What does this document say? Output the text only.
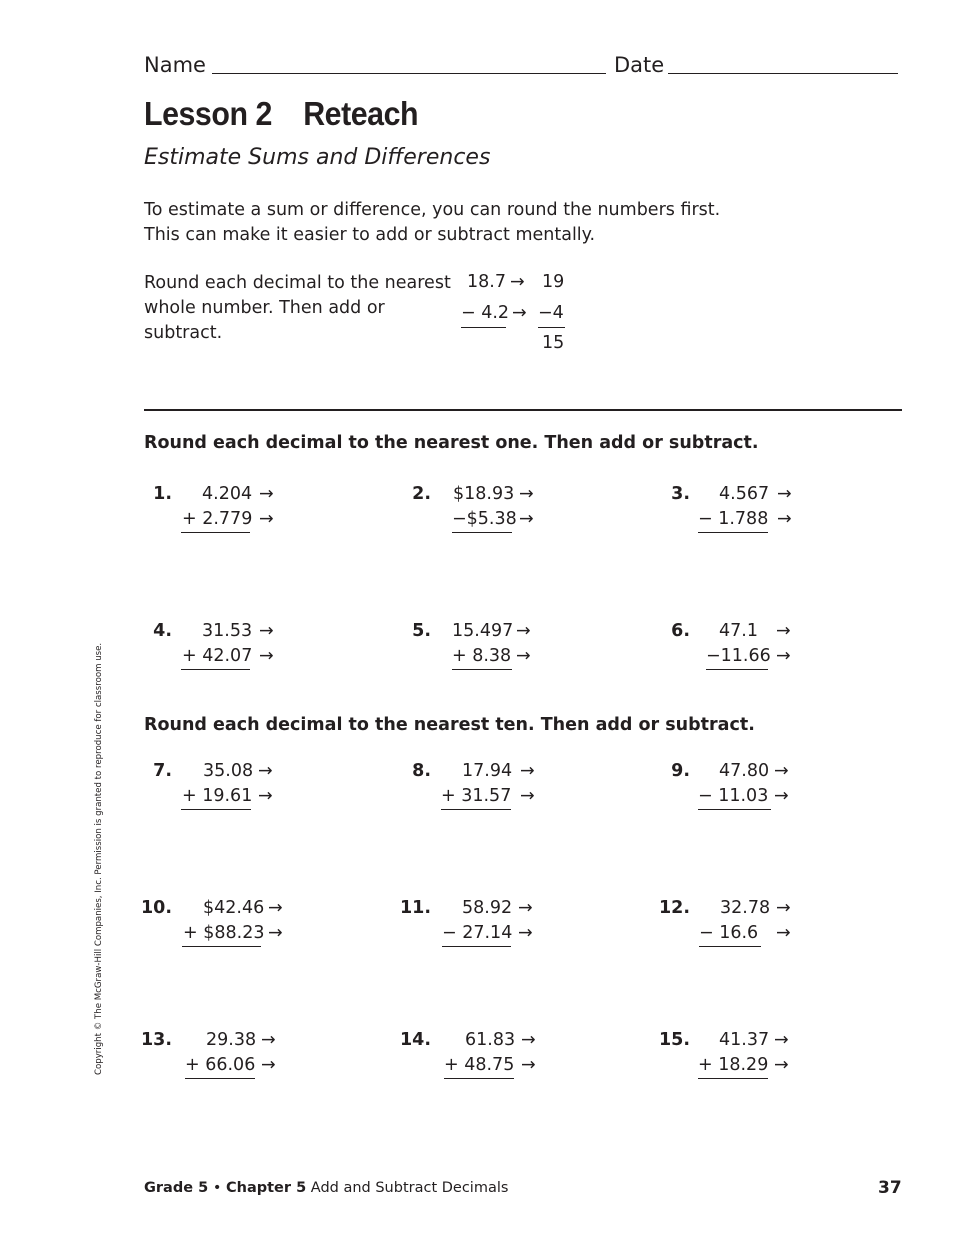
Name	Date
Lesson 2 Reteach
Estimate Sums and Differences
To estimate a sum or difference, you can round the numbers first.
This can make it easier to add or subtract mentally.
Round each decimal to the nearest
whole number. Then add or
subtract.
18.7 → 19
− 4.2 → −4
15
Round each decimal to the nearest one. Then add or subtract.
1. 4.204 →
+ 2.779 →
2. $18.93 →
−$5.38 →
3. 4.567 →
− 1.788 →
4. 31.53 →
+ 42.07 →
5. 15.497 →
+ 8.38 →
6. 47.1 →
−11.66 →
7. 35.08 →
+ 19.61 →
8. 17.94 →
+ 31.57 →
9. 47.80 →
− 11.03 →
10. $42.46 →
+ $88.23 →
11. 58.92 →
− 27.14 →
12. 32.78 →
− 16.6 →
13. 29.38 →
+ 66.06 →
14. 61.83 →
+ 48.75 →
15. 41.37 →
+ 18.29 →
Round each decimal to the nearest ten. Then add or subtract.
Copyright © The McGraw-Hill Companies, Inc. Permission is granted to reproduce for classroom use.
Grade 5 • Chapter 5 Add and Subtract Decimals	37
